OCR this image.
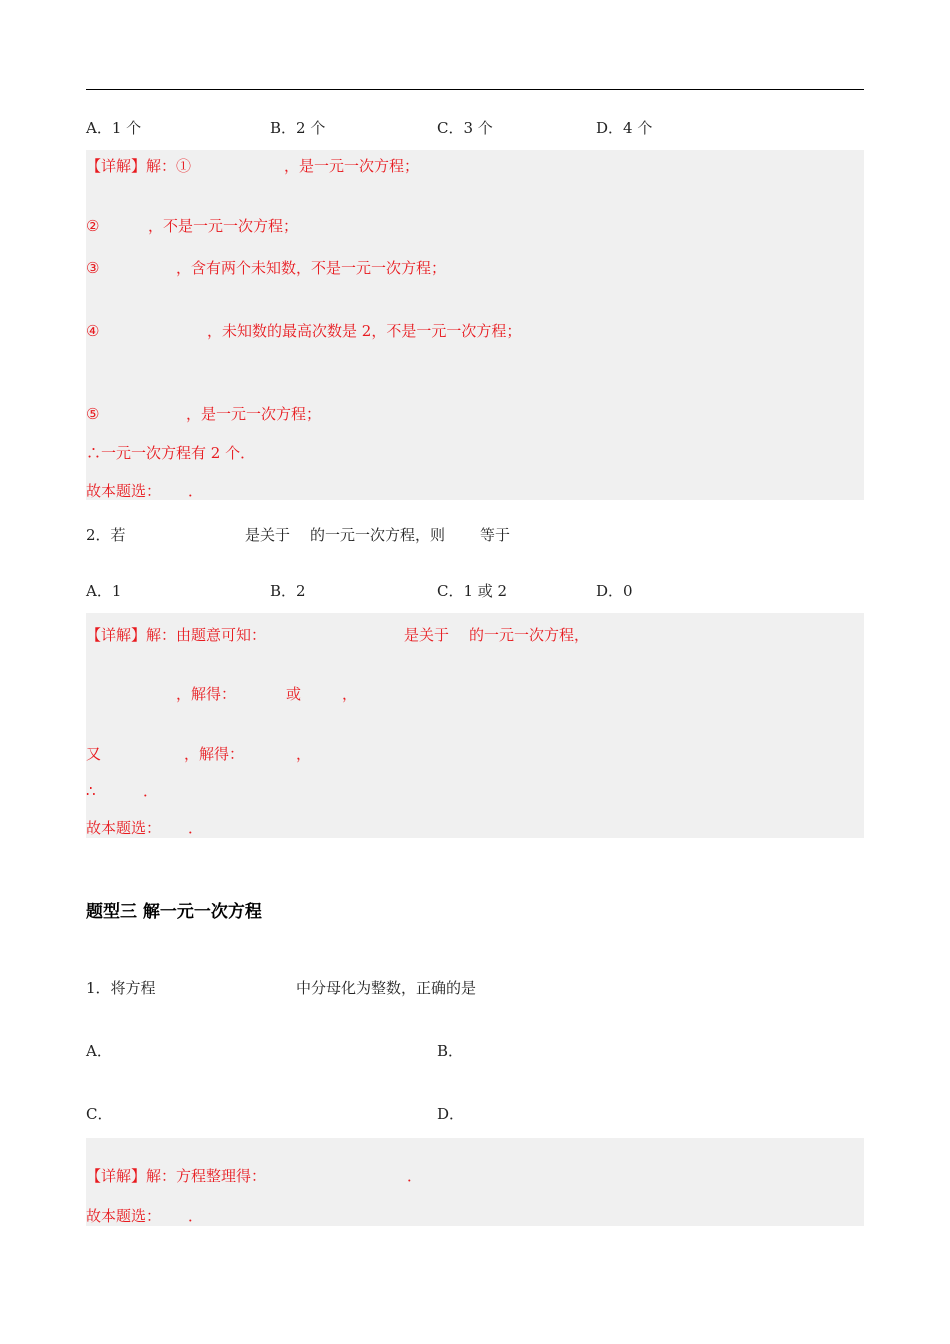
A．1 个	B．2 个	C．3 个	D．4 个
【详解】解：①	，是一元一次方程；
②	，不是一元一次方程；
③	，含有两个未知数，不是一元一次方程；
④	，未知数的最高次数是 2，不是一元一次方程；
⑤	，是一元一次方程；
∴一元一次方程有 2 个．
故本题选： ．
2．若	是关于 的一元一次方程，则 等于
A．1	B．2	C．1 或 2	D．0
【详解】解：由题意可知：	是关于 的一元一次方程，
，解得：	或	，
又	，解得：	，
∴	．
故本题选： ．
题型三 解一元一次方程
1．将方程	中分母化为整数，正确的是
A．	B．
C．	D．
【详解】解：方程整理得：	．
故本题选： ．
